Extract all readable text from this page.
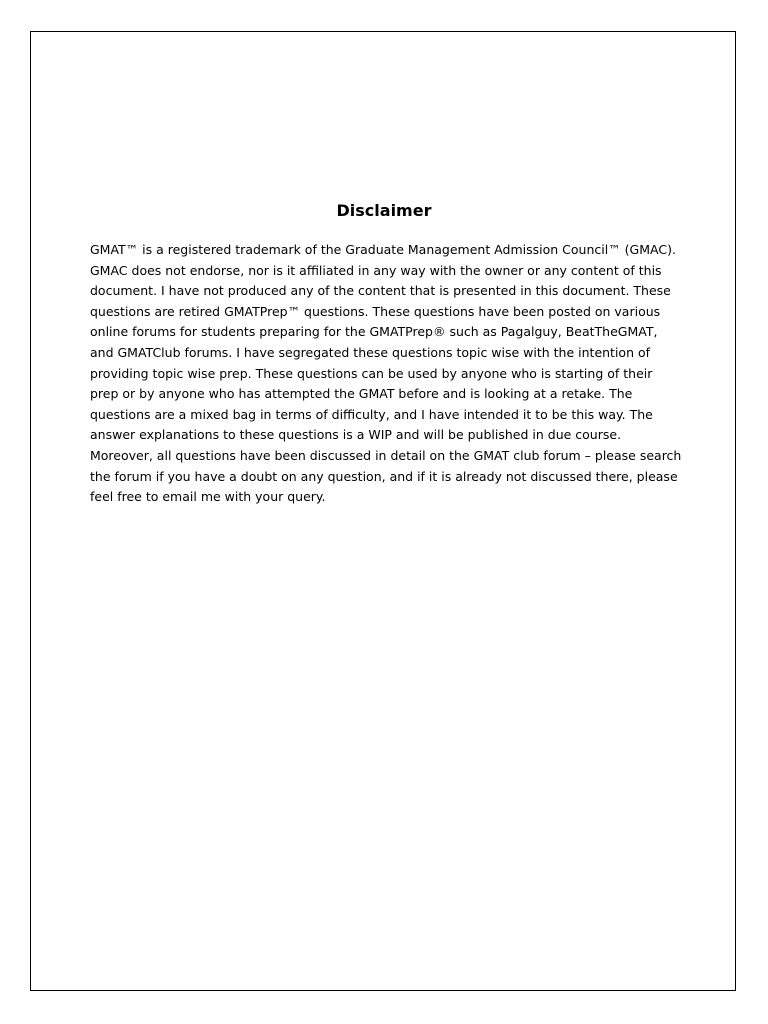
Disclaimer
GMAT™ is a registered trademark of the Graduate Management Admission Council™ (GMAC).
GMAC does not endorse, nor is it affiliated in any way with the owner or any content of this
document. I have not produced any of the content that is presented in this document. These
questions are retired GMATPrep™ questions. These questions have been posted on various
online forums for students preparing for the GMATPrep® such as Pagalguy, BeatTheGMAT,
and GMATClub forums. I have segregated these questions topic wise with the intention of
providing topic wise prep. These questions can be used by anyone who is starting of their
prep or by anyone who has attempted the GMAT before and is looking at a retake. The
questions are a mixed bag in terms of difficulty, and I have intended it to be this way. The
answer explanations to these questions is a WIP and will be published in due course.
Moreover, all questions have been discussed in detail on the GMAT club forum – please search
the forum if you have a doubt on any question, and if it is already not discussed there, please
feel free to email me with your query.
